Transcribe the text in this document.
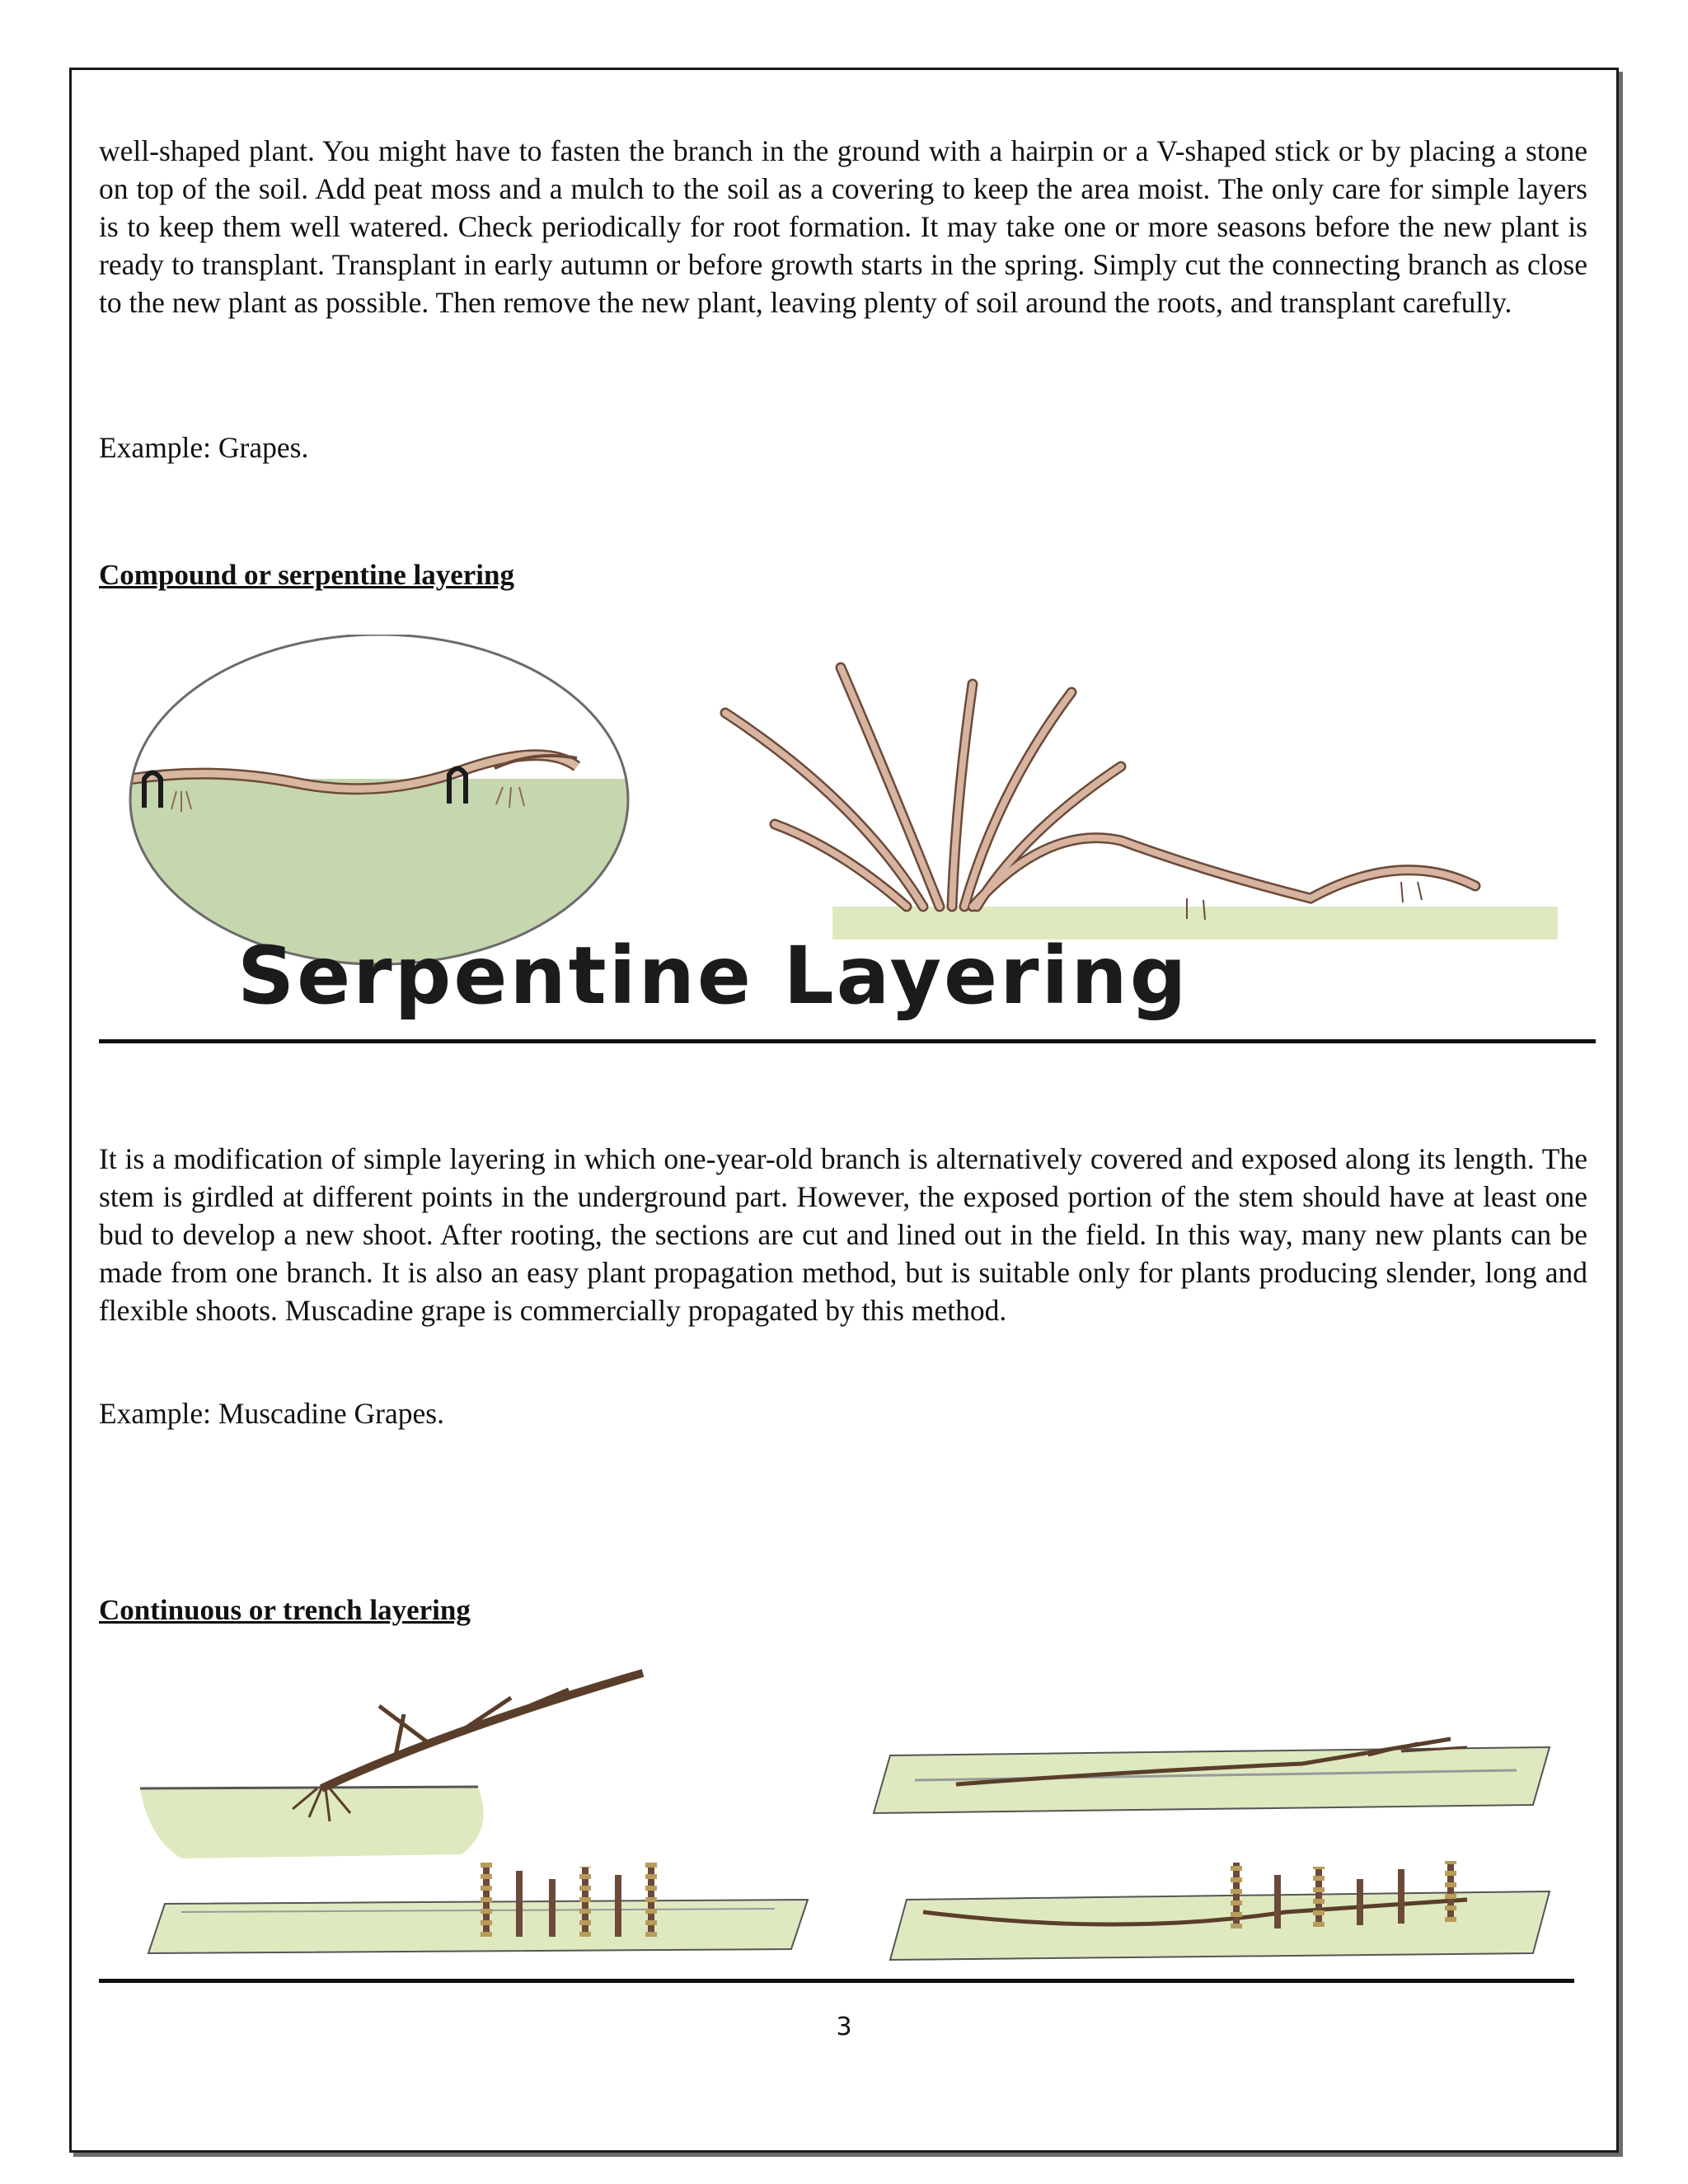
well-shaped plant. You might have to fasten the branch in the ground with a hairpin or a V-shaped stick or by placing a stone on top of the soil. Add peat moss and a mulch to the soil as a covering to keep the area moist. The only care for simple layers is to keep them well watered. Check periodically for root formation. It may take one or more seasons before the new plant is ready to transplant. Transplant in early autumn or before growth starts in the spring. Simply cut the connecting branch as close to the new plant as possible. Then remove the new plant, leaving plenty of soil around the roots, and transplant carefully.

Example: Grapes.

Compound or serpentine layering

Serpentine Layering

It is a modification of simple layering in which one-year-old branch is alternatively covered and exposed along its length. The stem is girdled at different points in the underground part. However, the exposed portion of the stem should have at least one bud to develop a new shoot. After rooting, the sections are cut and lined out in the field. In this way, many new plants can be made from one branch. It is also an easy plant propagation method, but is suitable only for plants producing slender, long and flexible shoots. Muscadine grape is commercially propagated by this method.

Example: Muscadine Grapes.

Continuous or trench layering

3
